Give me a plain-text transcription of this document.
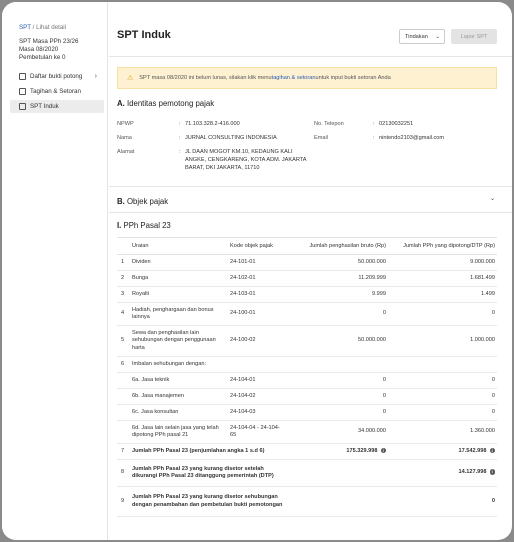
SPT / Lihat detail
SPT Masa PPh 23/26
Masa 08/2020
Pembetulan ke 0
Daftar bukti potong ›
Tagihan & Setoran
SPT Induk
SPT Induk	Tindakan ⌄	Lapor SPT
⚠ SPT masa 08/2020 ini belum lunas, silakan klik menu tagihan & setoran untuk input bukti setoran Anda
A. Identitas pemotong pajak
NPWP	: 71.103.328.2-416.000
Nama	: JURNAL CONSULTING INDONESIA
Alamat	: JL DAAN MOGOT KM.10, KEDAUNG KALI ANGKE, CENGKARENG, KOTA ADM. JAKARTA BARAT, DKI JAKARTA, 11710
No. Telepon	: 02130032251
Email	: nintendo2103@gmail.com
B. Objek pajak	⌄
I. PPh Pasal 23
	Uraian	Kode objek pajak	Jumlah penghasilan bruto (Rp)	Jumlah PPh yang dipotong/DTP (Rp)
1	Dividen	24-101-01	50.000.000	9.000.000
2	Bunga	24-102-01	11.209.999	1.681.499
3	Royalti	24-103-01	9.999	1.499
4	Hadiah, penghargaan dan bonus lainnya	24-100-01	0	0
5	Sewa dan penghasilan lain sehubungan dengan penggunaan harta	24-100-02	50.000.000	1.000.000
6	Imbalan sehubungan dengan:			
	6a. Jasa teknik	24-104-01	0	0
	6b. Jasa manajemen	24-104-02	0	0
	6c. Jasa konsultan	24-104-03	0	0
	6d. Jasa lain selain jasa yang telah dipotong PPh pasal 21	24-104-04 - 24-104-65	34.000.000	1.360.000
7	Jumlah PPh Pasal 23 (penjumlahan angka 1 s.d 6)		175.329.998 i	17.542.998 i
8	Jumlah PPh Pasal 23 yang kurang disetor setelah dikurangi PPh Pasal 23 ditanggung pemerintah (DTP)			14.127.998 i
9	Jumlah PPh Pasal 23 yang kurang disetor sehubungan dengan penambahan dan pembetulan bukti pemotongan			0
